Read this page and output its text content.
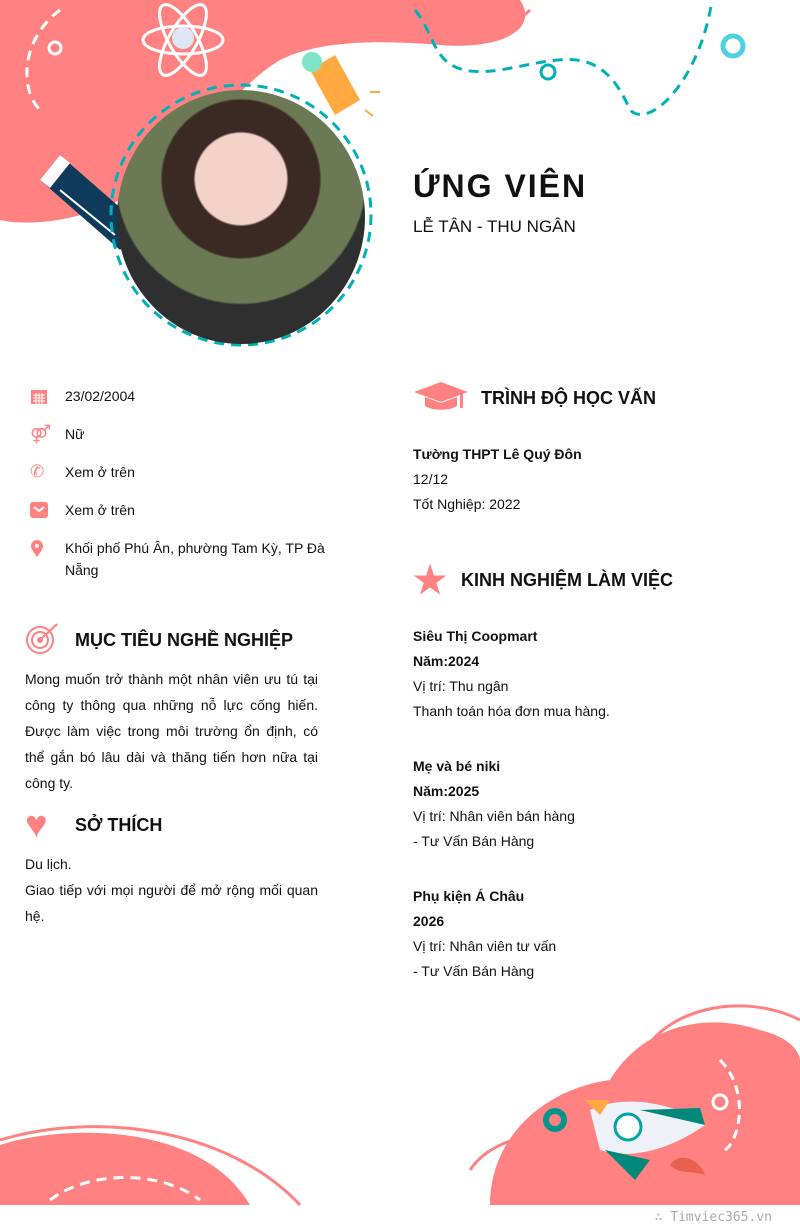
ỨNG VIÊN
LỄ TÂN - THU NGÂN
23/02/2004
⚤ Nữ
✆	Xem ở trên
Xem ở trên
Khối phố Phú Ân, phường Tam Kỳ, TP Đà Nẵng
MỤC TIÊU NGHỀ NGHIỆP
Mong muốn trở thành một nhân viên ưu tú tại công ty thông qua những nỗ lực cống hiến. Được làm việc trong môi trường ổn định, có thể gắn bó lâu dài và thăng tiến hơn nữa tại công ty.
♥	SỞ THÍCH
Du lịch.
Giao tiếp với mọi người để mở rộng mối quan hệ.
TRÌNH ĐỘ HỌC VẤN
Tường THPT Lê Quý Đôn
12/12
Tốt Nghiệp: 2022
★ KINH NGHIỆM LÀM VIỆC
Siêu Thị Coopmart
Năm:2024
Vị trí: Thu ngân
Thanh toán hóa đơn mua hàng.
Mẹ và bé niki
Năm:2025
Vị trí: Nhân viên bán hàng
- Tư Vấn Bán Hàng
Phụ kiện Á Châu
2026
Vị trí: Nhân viên tư vấn
- Tư Vấn Bán Hàng
∴ Timviec365.vn
